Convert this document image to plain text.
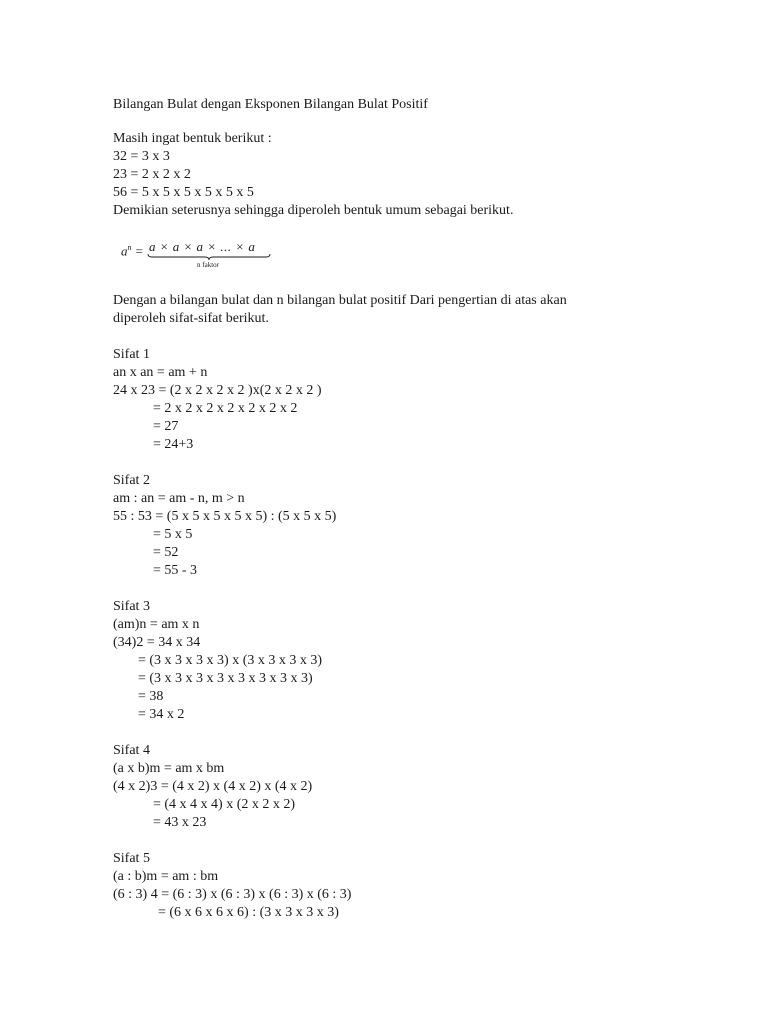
Bilangan Bulat dengan Eksponen Bilangan Bulat Positif
Masih ingat bentuk berikut :
32 = 3 x 3
23 = 2 x 2 x 2
56 = 5 x 5 x 5 x 5 x 5 x 5
Demikian seterusnya sehingga diperoleh bentuk umum sebagai berikut.
$a^n = a \times a \times a$ × ... × a
n faktor
Dengan a bilangan bulat dan n bilangan bulat positif Dari pengertian di atas akan
diperoleh sifat-sifat berikut.
Sifat 1
an x an = am + n
24 x 23 = (2 x 2 x 2 x 2 )x(2 x 2 x 2 )
= 2 x 2 x 2 x 2 x 2 x 2 x 2
= 27
= 24+3
Sifat 2
am : an = am - n, m > n
55 : 53 = (5 x 5 x 5 x 5 x 5) : (5 x 5 x 5)
= 5 x 5
= 52
= 55 - 3
Sifat 3
(am)n = am x n
(34)2 = 34 x 34
= (3 x 3 x 3 x 3) x (3 x 3 x 3 x 3)
= (3 x 3 x 3 x 3 x 3 x 3 x 3 x 3)
= 38
= 34 x 2
Sifat 4
(a x b)m = am x bm
(4 x 2)3 = (4 x 2) x (4 x 2) x (4 x 2)
= (4 x 4 x 4) x (2 x 2 x 2)
= 43 x 23
Sifat 5
(a : b)m = am : bm
(6 : 3) 4 = (6 : 3) x (6 : 3) x (6 : 3) x (6 : 3)
= (6 x 6 x 6 x 6) : (3 x 3 x 3 x 3)
